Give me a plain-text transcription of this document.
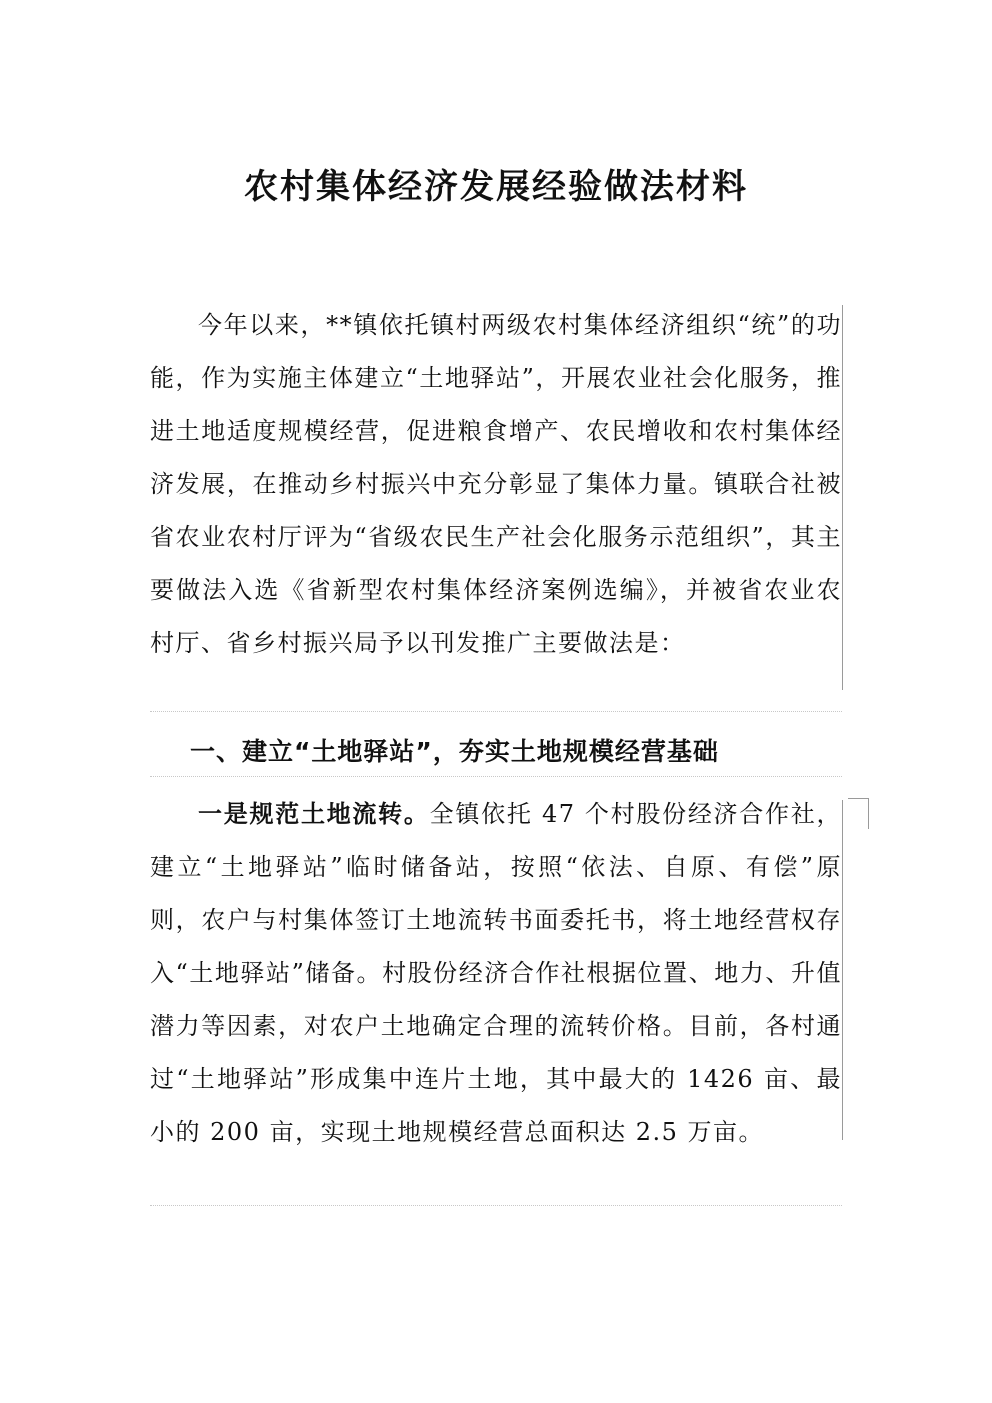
农村集体经济发展经验做法材料

今年以来，**镇依托镇村两级农村集体经济组织“统”的功能，作为实施主体建立“土地驿站”，开展农业社会化服务，推进土地适度规模经营，促进粮食增产、农民增收和农村集体经济发展，在推动乡村振兴中充分彰显了集体力量。镇联合社被省农业农村厅评为“省级农民生产社会化服务示范组织”，其主要做法入选《省新型农村集体经济案例选编》，并被省农业农村厅、省乡村振兴局予以刊发推广主要做法是：

一、建立“土地驿站”，夯实土地规模经营基础

一是规范土地流转。全镇依托 47 个村股份经济合作社，建立“土地驿站”临时储备站，按照“依法、自原、有偿”原则，农户与村集体签订土地流转书面委托书，将土地经营权存入“土地驿站”储备。村股份经济合作社根据位置、地力、升值潜力等因素，对农户土地确定合理的流转价格。目前，各村通过“土地驿站”形成集中连片土地，其中最大的 1426 亩、最小的 200 亩，实现土地规模经营总面积达 2.5 万亩。
